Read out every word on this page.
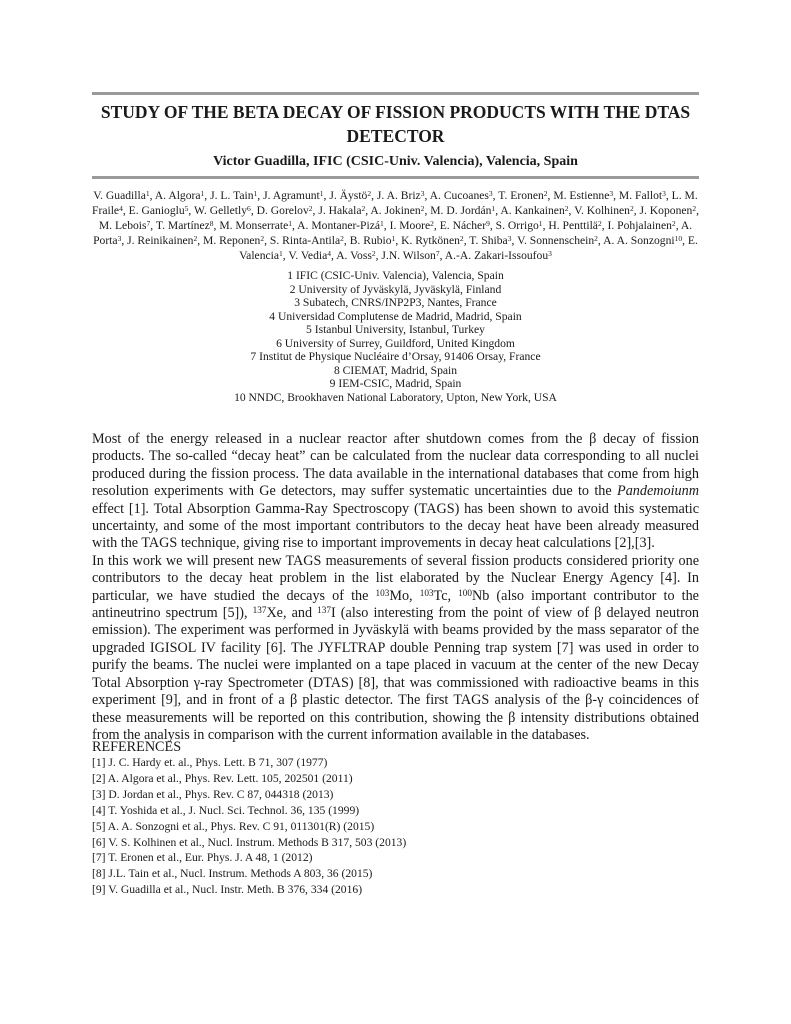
STUDY OF THE BETA DECAY OF FISSION PRODUCTS WITH THE DTAS DETECTOR
Victor Guadilla, IFIC (CSIC-Univ. Valencia), Valencia, Spain
V. Guadilla$^1$, A. Algora$^1$, J. L. Tain$^1$, J. Agramunt$^1$, J. Äystö$^2$, J. A. Briz$^3$, A. Cucoanes$^3$, T. Eronen$^2$, M. Estienne$^3$, M. Fallot$^3$, L. M. Fraile$^4$, E. Ganioglu$^5$, W. Gelletly$^6$, D. Gorelov$^2$, J. Hakala$^2$, A. Jokinen$^2$, M. D. Jordán$^1$, A. Kankainen$^2$, V. Kolhinen$^2$, J. Koponen$^2$, M. Lebois$^7$, T. Martínez$^8$, M. Monserrate$^1$, A. Montaner-Pizá$^1$, I. Moore$^2$, E. Nácher$^9$, S. Orrigo$^1$, H. Penttilä$^2$, I. Pohjalainen$^2$, A. Porta$^3$, J. Reinikainen$^2$, M. Reponen$^2$, S. Rinta-Antila$^2$, B. Rubio$^1$, K. Rytkönen$^2$, T. Shiba$^3$, V. Sonnenschein$^2$, A. A. Sonzogni$^{10}$, E. Valencia$^1$, V. Vedia$^4$, A. Voss$^2$, J.N. Wilson$^7$, A.-A. Zakari-Issoufou$^3$
1 IFIC (CSIC-Univ. Valencia), Valencia, Spain
2 University of Jyväskylä, Jyväskylä, Finland
3 Subatech, CNRS/INP2P3, Nantes, France
4 Universidad Complutense de Madrid, Madrid, Spain
5 Istanbul University, Istanbul, Turkey
6 University of Surrey, Guildford, United Kingdom
7 Institut de Physique Nucléaire d’Orsay, 91406 Orsay, France
8 CIEMAT, Madrid, Spain
9 IEM-CSIC, Madrid, Spain
10 NNDC, Brookhaven National Laboratory, Upton, New York, USA

Most of the energy released in a nuclear reactor after shutdown comes from the β decay of fission products. The so-called “decay heat” can be calculated from the nuclear data corresponding to all nuclei produced during the fission process. The data available in the international databases that come from high resolution experiments with Ge detectors, may suffer systematic uncertainties due to the Pandemoiunm effect [1]. Total Absorption Gamma-Ray Spectroscopy (TAGS) has been shown to avoid this systematic uncertainty, and some of the most important contributors to the decay heat have been already measured with the TAGS technique, giving rise to important improvements in decay heat calculations [2],[3].

In this work we will present new TAGS measurements of several fission products considered priority one contributors to the decay heat problem in the list elaborated by the Nuclear Energy Agency [4]. In particular, we have studied the decays of the $^{103}$Mo, $^{103}$Tc, $^{100}$Nb (also important contributor to the antineutrino spectrum [5]), $^{137}$Xe, and $^{137}$I (also interesting from the point of view of β delayed neutron emission). The experiment was performed in Jyväskylä with beams provided by the mass separator of the upgraded IGISOL IV facility [6]. The JYFLTRAP double Penning trap system [7] was used in order to purify the beams. The nuclei were implanted on a tape placed in vacuum at the center of the new Decay Total Absorption γ-ray Spectrometer (DTAS) [8], that was commissioned with radioactive beams in this experiment [9], and in front of a β plastic detector. The first TAGS analysis of the β-γ coincidences of these measurements will be reported on this contribution, showing the β intensity distributions obtained from the analysis in comparison with the current information available in the databases.

REFERENCES
[1] J. C. Hardy et. al., Phys. Lett. B 71, 307 (1977)
[2] A. Algora et al., Phys. Rev. Lett. 105, 202501 (2011)
[3] D. Jordan et al., Phys. Rev. C 87, 044318 (2013)
[4] T. Yoshida et al., J. Nucl. Sci. Technol. 36, 135 (1999)
[5] A. A. Sonzogni et al., Phys. Rev. C 91, 011301(R) (2015)
[6] V. S. Kolhinen et al., Nucl. Instrum. Methods B 317, 503 (2013)
[7] T. Eronen et al., Eur. Phys. J. A 48, 1 (2012)
[8] J.L. Tain et al., Nucl. Instrum. Methods A 803, 36 (2015)
[9] V. Guadilla et al., Nucl. Instr. Meth. B 376, 334 (2016)
